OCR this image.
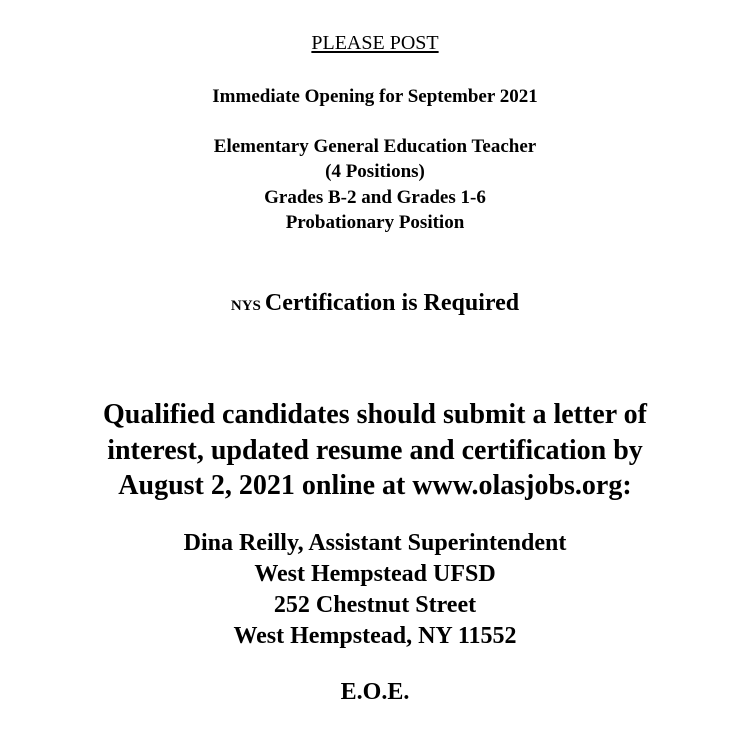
PLEASE POST
Immediate Opening for September 2021
Elementary General Education Teacher
(4 Positions)
Grades B-2 and Grades 1-6
Probationary Position
NYS Certification is Required
Qualified candidates should submit a letter of
interest, updated resume and certification by
August 2, 2021 online at www.olasjobs.org:
Dina Reilly, Assistant Superintendent
West Hempstead UFSD
252 Chestnut Street
West Hempstead, NY 11552
E.O.E.
